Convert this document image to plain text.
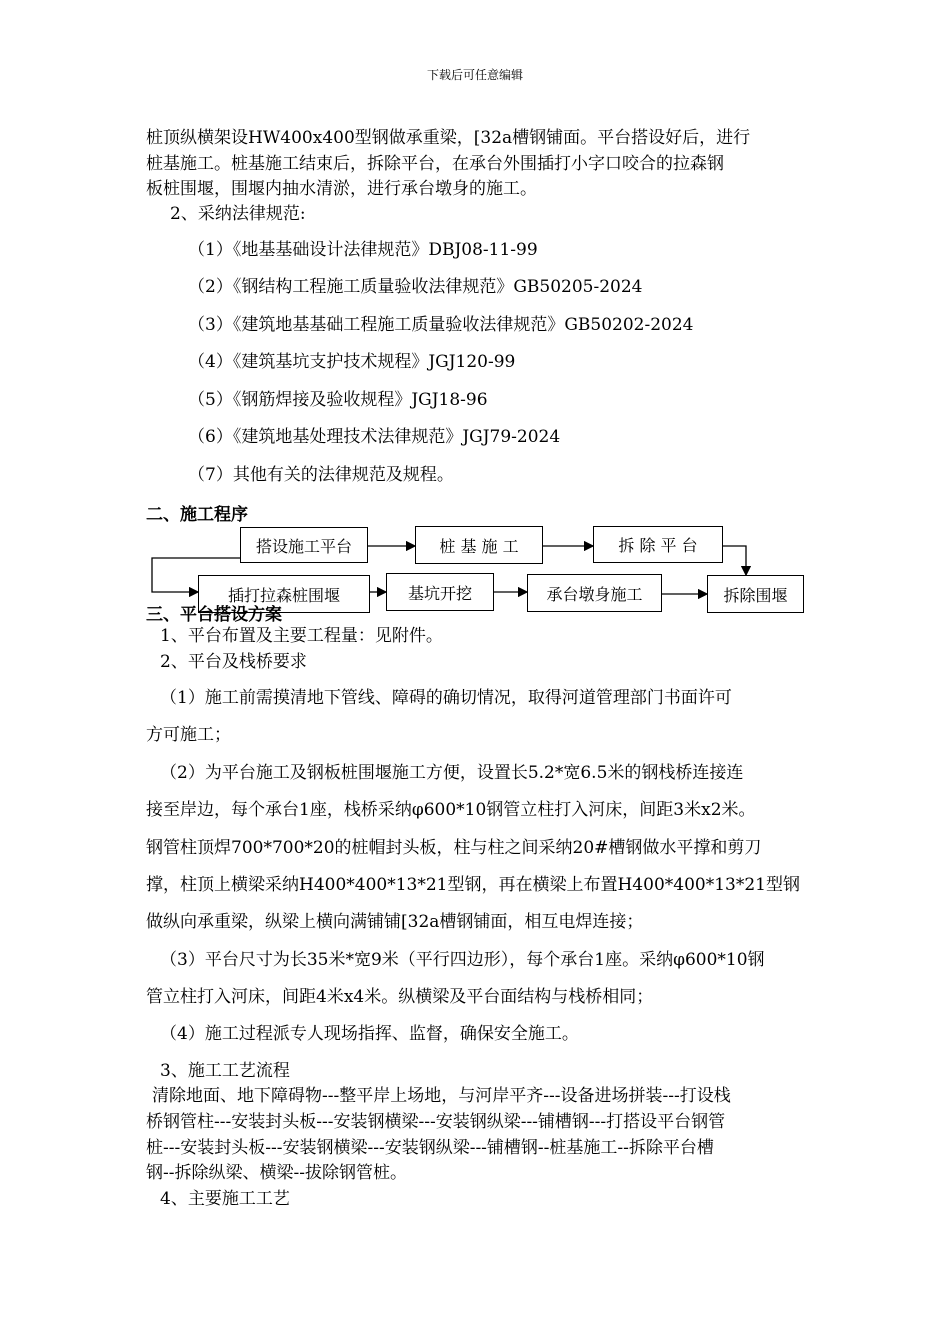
下载后可任意编辑
桩顶纵横架设HW400x400型钢做承重梁，[32a槽钢铺面。平台搭设好后，进行
桩基施工。桩基施工结束后，拆除平台，在承台外围插打小字口咬合的拉森钢
板桩围堰，围堰内抽水清淤，进行承台墩身的施工。
2、采纳法律规范:
（1）《地基基础设计法律规范》DBJ08-11-99
（2）《钢结构工程施工质量验收法律规范》GB50205-2024
（3）《建筑地基基础工程施工质量验收法律规范》GB50202-2024
（4）《建筑基坑支护技术规程》JGJ120-99
（5）《钢筋焊接及验收规程》JGJ18-96
（6）《建筑地基处理技术法律规范》JGJ79-2024
（7）其他有关的法律规范及规程。
二、施工程序
搭设施工平台	桩 基 施 工	拆 除 平 台
插打拉森桩围堰	基坑开挖	承台墩身施工	拆除围堰
三、平台搭设方案
1、平台布置及主要工程量：见附件。
2、平台及栈桥要求
（1）施工前需摸清地下管线、障碍的确切情况，取得河道管理部门书面许可
方可施工；
（2）为平台施工及钢板桩围堰施工方便，设置长5.2*宽6.5米的钢栈桥连接连
接至岸边，每个承台1座，栈桥采纳φ600*10钢管立柱打入河床，间距3米x2米。
钢管柱顶焊700*700*20的桩帽封头板，柱与柱之间采纳20#槽钢做水平撑和剪刀
撑，柱顶上横梁采纳H400*400*13*21型钢，再在横梁上布置H400*400*13*21型钢
做纵向承重梁，纵梁上横向满铺铺[32a槽钢铺面，相互电焊连接；
（3）平台尺寸为长35米*宽9米（平行四边形），每个承台1座。采纳φ600*10钢
管立柱打入河床，间距4米x4米。纵横梁及平台面结构与栈桥相同；
（4）施工过程派专人现场指挥、监督，确保安全施工。
3、施工工艺流程
清除地面、地下障碍物---整平岸上场地，与河岸平齐---设备进场拼装---打设栈
桥钢管柱---安装封头板---安装钢横梁---安装钢纵梁---铺槽钢---打搭设平台钢管
桩---安装封头板---安装钢横梁---安装钢纵梁---铺槽钢--桩基施工--拆除平台槽
钢--拆除纵梁、横梁--拔除钢管桩。
4、主要施工工艺
